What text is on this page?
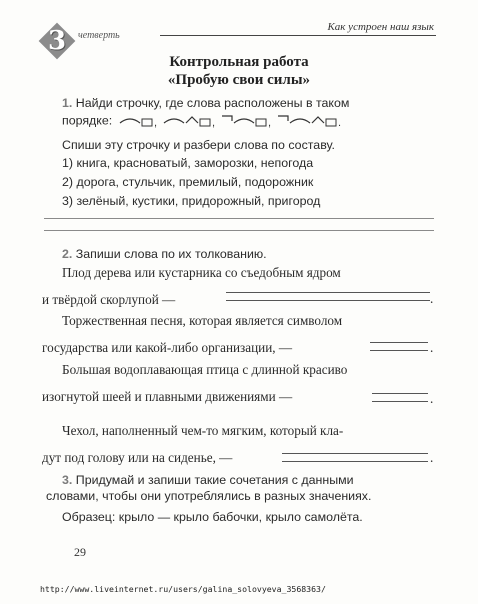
3	четверть
Как устроен наш язык
Контрольная работа
«Пробую свои силы»
1. Найди строчку, где слова расположены в таком
порядке:	,	,	,	.
Спиши эту строчку и разбери слова по составу.
1) книга, красноватый, заморозки, непогода
2) дорога, стульчик, премилый, подорожник
3) зелёный, кустики, придорожный, пригород
2. Запиши слова по их толкованию.
Плод дерева или кустарника со съедобным ядром
и твёрдой скорлупой —	.
Торжественная песня, которая является символом
государства или какой-либо организации, —	.
Большая водоплавающая птица с длинной красиво
изогнутой шеей и плавными движениями —	.
Чехол, наполненный чем-то мягким, который кла-
дут под голову или на сиденье, —	.
3. Придумай и запиши такие сочетания с данными
словами, чтобы они употреблялись в разных значениях.
Образец: крыло — крыло бабочки, крыло самолёта.
29
http://www.liveinternet.ru/users/galina_solovyeva_3568363/
